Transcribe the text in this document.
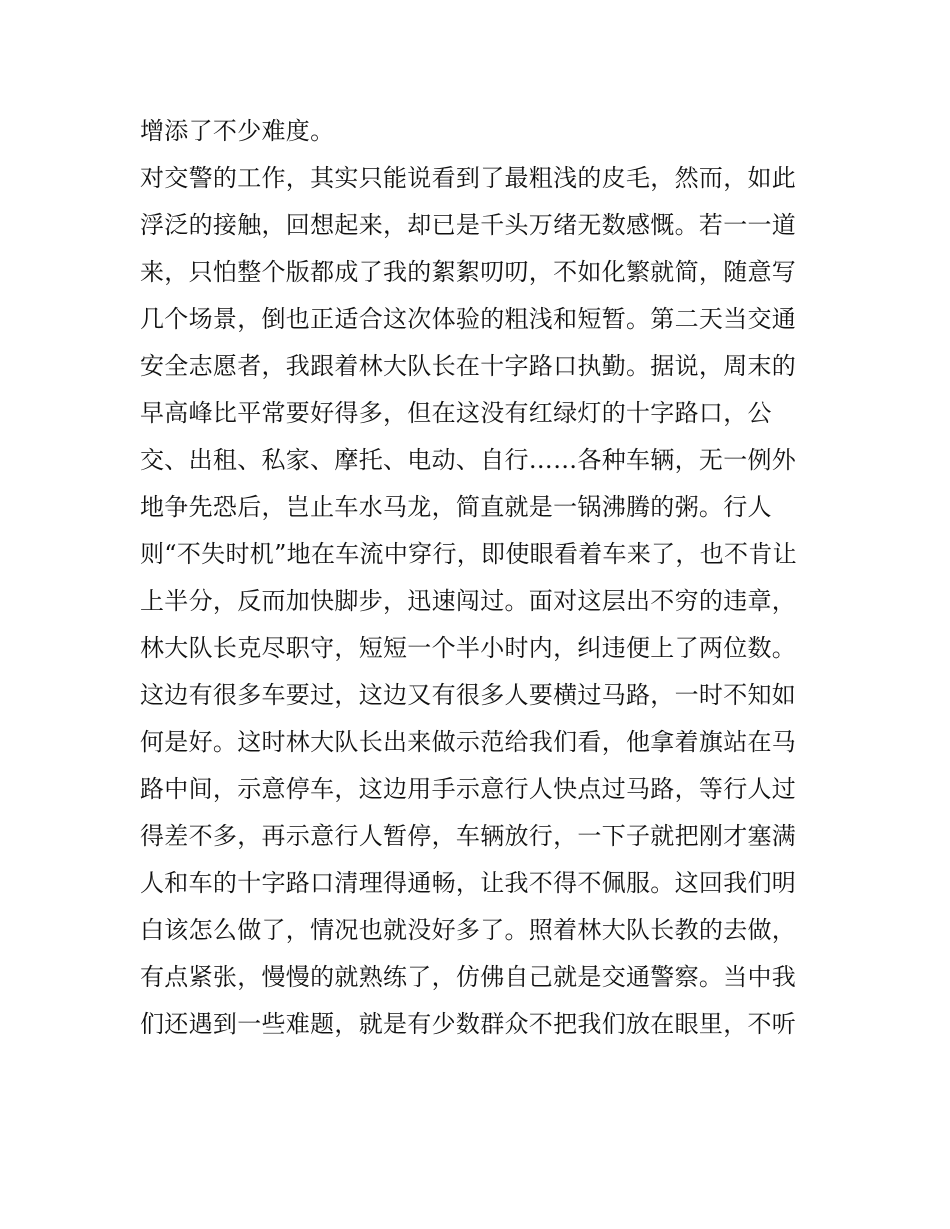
增添了不少难度。
对交警的工作，其实只能说看到了最粗浅的皮毛，然而，如此
浮泛的接触，回想起来，却已是千头万绪无数感慨。若一一道
来，只怕整个版都成了我的絮絮叨叨，不如化繁就简，随意写
几个场景，倒也正适合这次体验的粗浅和短暂。第二天当交通
安全志愿者，我跟着林大队长在十字路口执勤。据说，周末的
早高峰比平常要好得多，但在这没有红绿灯的十字路口，公
交、出租、私家、摩托、电动、自行……各种车辆，无一例外
地争先恐后，岂止车水马龙，简直就是一锅沸腾的粥。行人
则“不失时机”地在车流中穿行，即使眼看着车来了，也不肯让
上半分，反而加快脚步，迅速闯过。面对这层出不穷的违章，
林大队长克尽职守，短短一个半小时内，纠违便上了两位数。
这边有很多车要过，这边又有很多人要横过马路，一时不知如
何是好。这时林大队长出来做示范给我们看，他拿着旗站在马
路中间，示意停车，这边用手示意行人快点过马路，等行人过
得差不多，再示意行人暂停，车辆放行，一下子就把刚才塞满
人和车的十字路口清理得通畅，让我不得不佩服。这回我们明
白该怎么做了，情况也就没好多了。照着林大队长教的去做，
有点紧张，慢慢的就熟练了，仿佛自己就是交通警察。当中我
们还遇到一些难题，就是有少数群众不把我们放在眼里，不听
